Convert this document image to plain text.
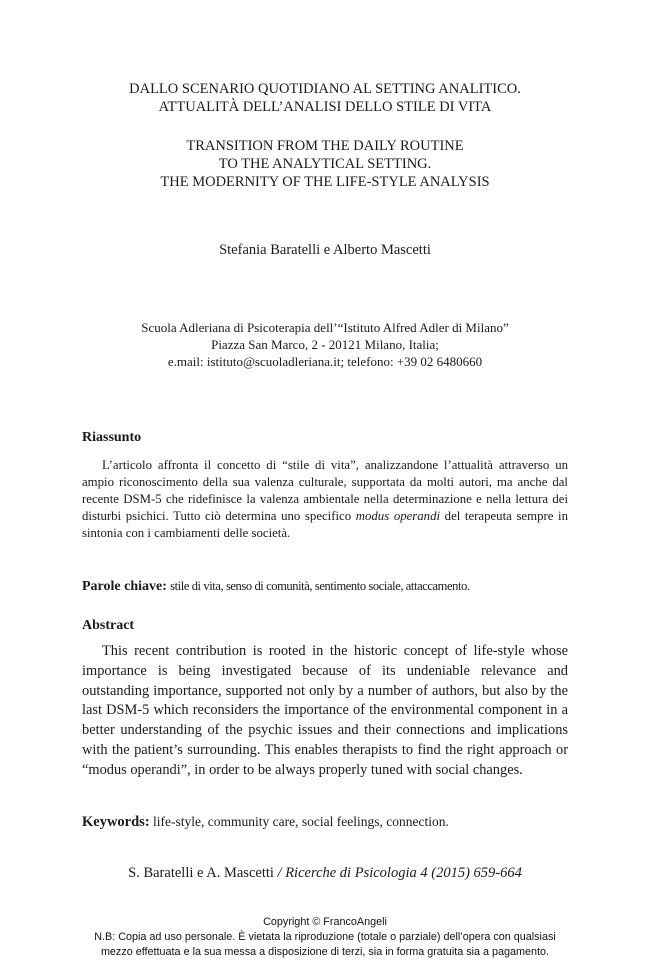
DALLO SCENARIO QUOTIDIANO AL SETTING ANALITICO.
ATTUALITÀ DELL’ANALISI DELLO STILE DI VITA
TRANSITION FROM THE DAILY ROUTINE
TO THE ANALYTICAL SETTING.
THE MODERNITY OF THE LIFE-STYLE ANALYSIS
Stefania Baratelli e Alberto Mascetti
Scuola Adleriana di Psicoterapia dell’“Istituto Alfred Adler di Milano”
Piazza San Marco, 2 - 20121 Milano, Italia;
e.mail: istituto@scuoladleriana.it; telefono: +39 02 6480660
Riassunto

L’articolo affronta il concetto di “stile di vita”, analizzandone l’attualità attraverso un ampio riconoscimento della sua valenza culturale, supportata da molti autori, ma anche dal recente DSM-5 che ridefinisce la valenza ambientale nella determinazione e nella lettura dei disturbi psichici. Tutto ciò determina uno specifico modus operandi del terapeuta sempre in sintonia con i cambiamenti delle società.

Parole chiave: stile di vita, senso di comunità, sentimento sociale, attaccamento.
Abstract

This recent contribution is rooted in the historic concept of life-style whose importance is being investigated because of its undeniable relevance and outstanding importance, supported not only by a number of authors, but also by the last DSM-5 which reconsiders the importance of the environmental component in a better understanding of the psychic issues and their connections and implications with the patient’s surrounding. This enables therapists to find the right approach or “modus operandi”, in order to be always properly tuned with social changes.

Keywords: life-style, community care, social feelings, connection.
S. Baratelli e A. Mascetti / Ricerche di Psicologia 4 (2015) 659-664
Copyright © FrancoAngeli
N.B: Copia ad uso personale. È vietata la riproduzione (totale o parziale) dell’opera con qualsiasi
mezzo effettuata e la sua messa a disposizione di terzi, sia in forma gratuita sia a pagamento.
